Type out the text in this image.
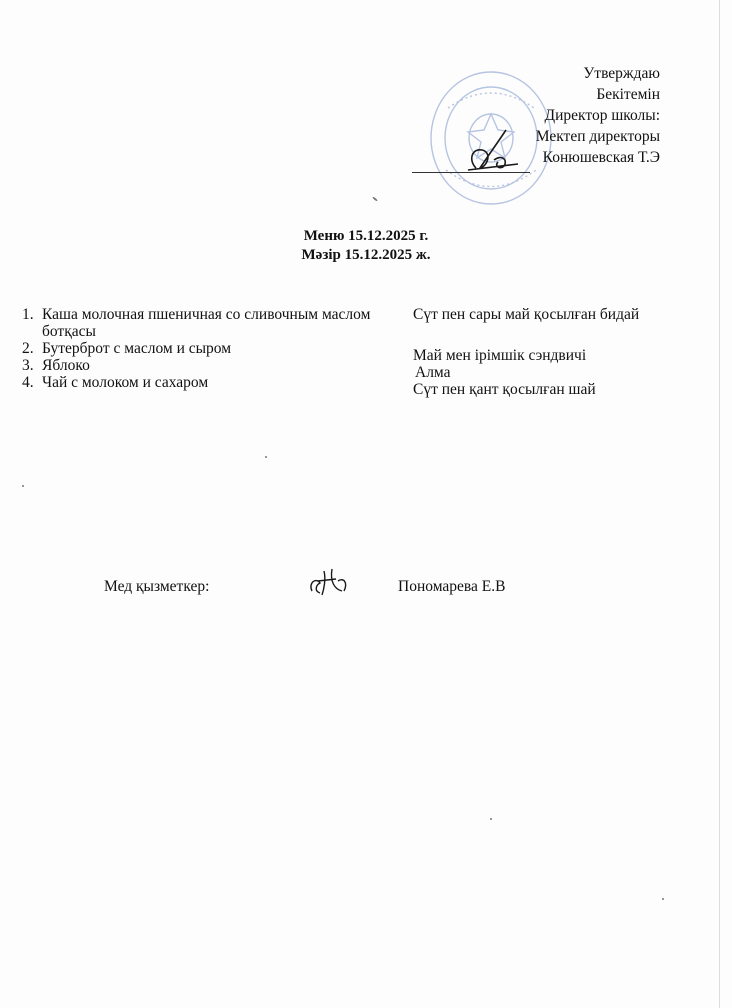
Утверждаю
Бекітемін
Директор школы:
Мектеп директоры
Конюшевская Т.Э
Меню 15.12.2025 г.
Мәзір 15.12.2025 ж.
1. Каша молочная пшеничная со сливочным маслом
ботқасы
2. Бутерброт с маслом и сыром
3. Яблоко
4. Чай с молоком и сахаром
Сүт пен сары май қосылған бидай
Май мен ірімшік сэндвичі
Алма
Сүт пен қант қосылған шай
Мед қызметкер:	Пономарева Е.В
